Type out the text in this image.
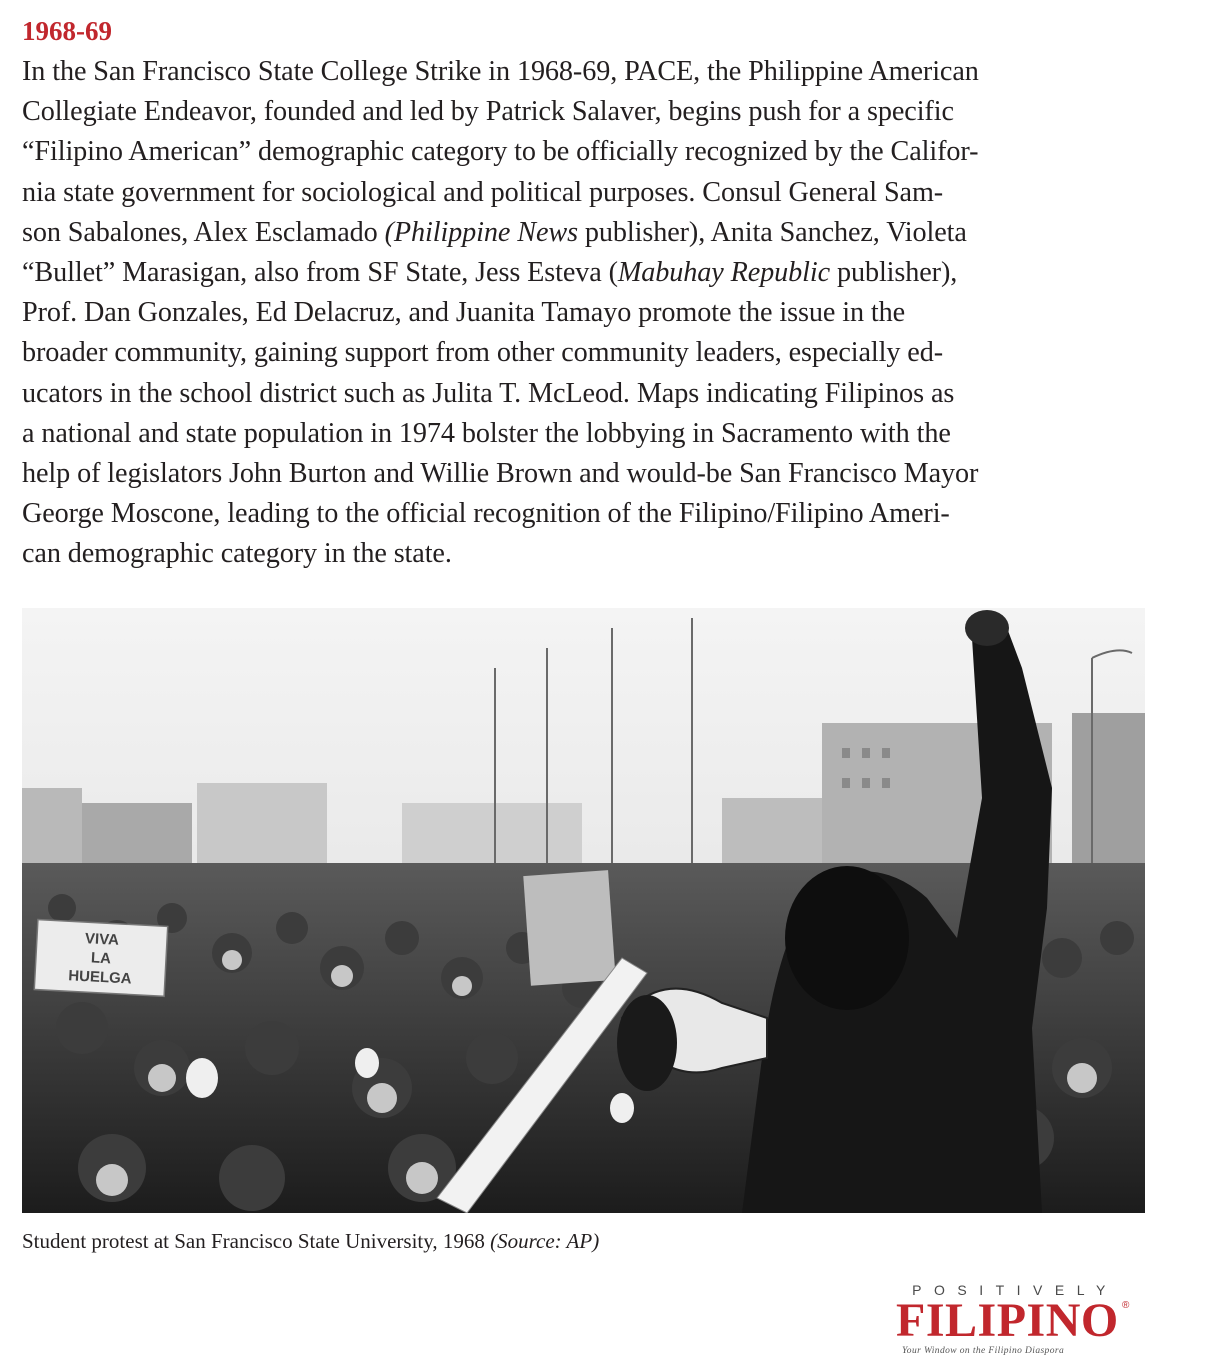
1968-69
In the San Francisco State College Strike in 1968-69, PACE, the Philippine American
Collegiate Endeavor, founded and led by Patrick Salaver, begins push for a specific
“Filipino American” demographic category to be officially recognized by the Califor-
nia state government for sociological and political purposes. Consul General Sam-
son Sabalones, Alex Esclamado (Philippine News publisher), Anita Sanchez, Violeta
“Bullet” Marasigan, also from SF State, Jess Esteva (Mabuhay Republic publisher),
Prof. Dan Gonzales, Ed Delacruz, and Juanita Tamayo promote the issue in the
broader community, gaining support from other community leaders, especially ed-
ucators in the school district such as Julita T. McLeod. Maps indicating Filipinos as
a national and state population in 1974 bolster the lobbying in Sacramento with the
help of legislators John Burton and Willie Brown and would-be San Francisco Mayor
George Moscone, leading to the official recognition of the Filipino/Filipino Ameri-
can demographic category in the state.
VIVA
LA
HUELGA
Student protest at San Francisco State University, 1968 (Source: AP)
POSITIVELY
FILIPINO ®
Your Window on the Filipino Diaspora
